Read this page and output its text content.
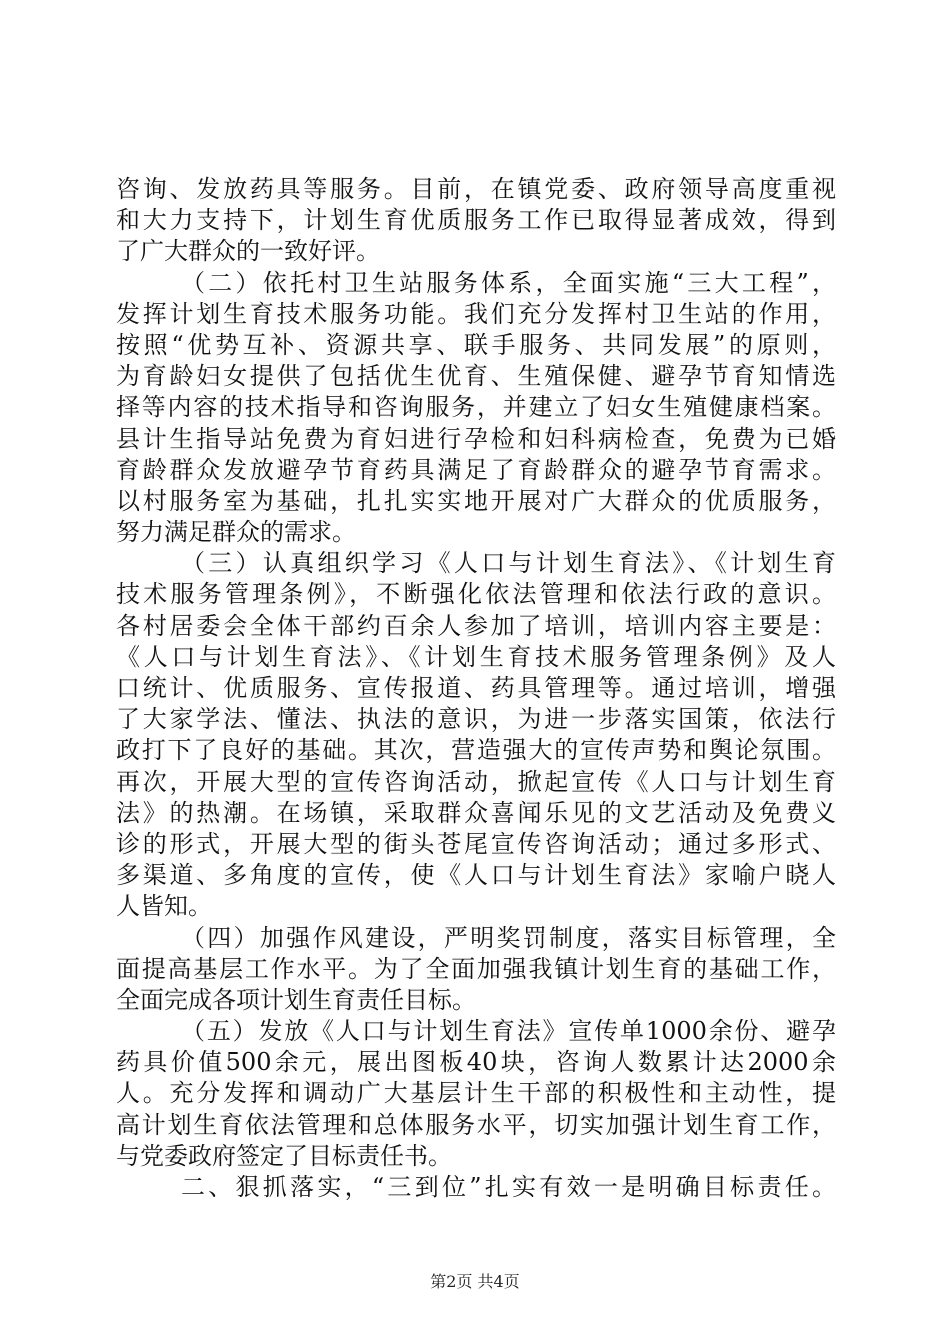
咨询、发放药具等服务。目前，在镇党委、政府领导高度重视
和大力支持下，计划生育优质服务工作已取得显著成效，得到
了广大群众的一致好评。
（二）依托村卫生站服务体系，全面实施“三大工程”，
发挥计划生育技术服务功能。我们充分发挥村卫生站的作用，
按照“优势互补、资源共享、联手服务、共同发展”的原则，
为育龄妇女提供了包括优生优育、生殖保健、避孕节育知情选
择等内容的技术指导和咨询服务，并建立了妇女生殖健康档案。
县计生指导站免费为育妇进行孕检和妇科病检查，免费为已婚
育龄群众发放避孕节育药具满足了育龄群众的避孕节育需求。
以村服务室为基础，扎扎实实地开展对广大群众的优质服务，
努力满足群众的需求。
（三）认真组织学习《人口与计划生育法》、《计划生育
技术服务管理条例》，不断强化依法管理和依法行政的意识。
各村居委会全体干部约百余人参加了培训，培训内容主要是：
《人口与计划生育法》、《计划生育技术服务管理条例》及人
口统计、优质服务、宣传报道、药具管理等。通过培训，增强
了大家学法、懂法、执法的意识，为进一步落实国策，依法行
政打下了良好的基础。其次，营造强大的宣传声势和舆论氛围。
再次，开展大型的宣传咨询活动，掀起宣传《人口与计划生育
法》的热潮。在场镇，采取群众喜闻乐见的文艺活动及免费义
诊的形式，开展大型的街头苍尾宣传咨询活动；通过多形式、
多渠道、多角度的宣传，使《人口与计划生育法》家喻户晓人
人皆知。
（四）加强作风建设，严明奖罚制度，落实目标管理，全
面提高基层工作水平。为了全面加强我镇计划生育的基础工作，
全面完成各项计划生育责任目标。
（五）发放《人口与计划生育法》宣传单1000余份、避孕
药具价值500余元，展出图板40块，咨询人数累计达2000余
人。充分发挥和调动广大基层计生干部的积极性和主动性，提
高计划生育依法管理和总体服务水平，切实加强计划生育工作，
与党委政府签定了目标责任书。
二、狠抓落实，“三到位”扎实有效一是明确目标责任。
第2页 共4页
